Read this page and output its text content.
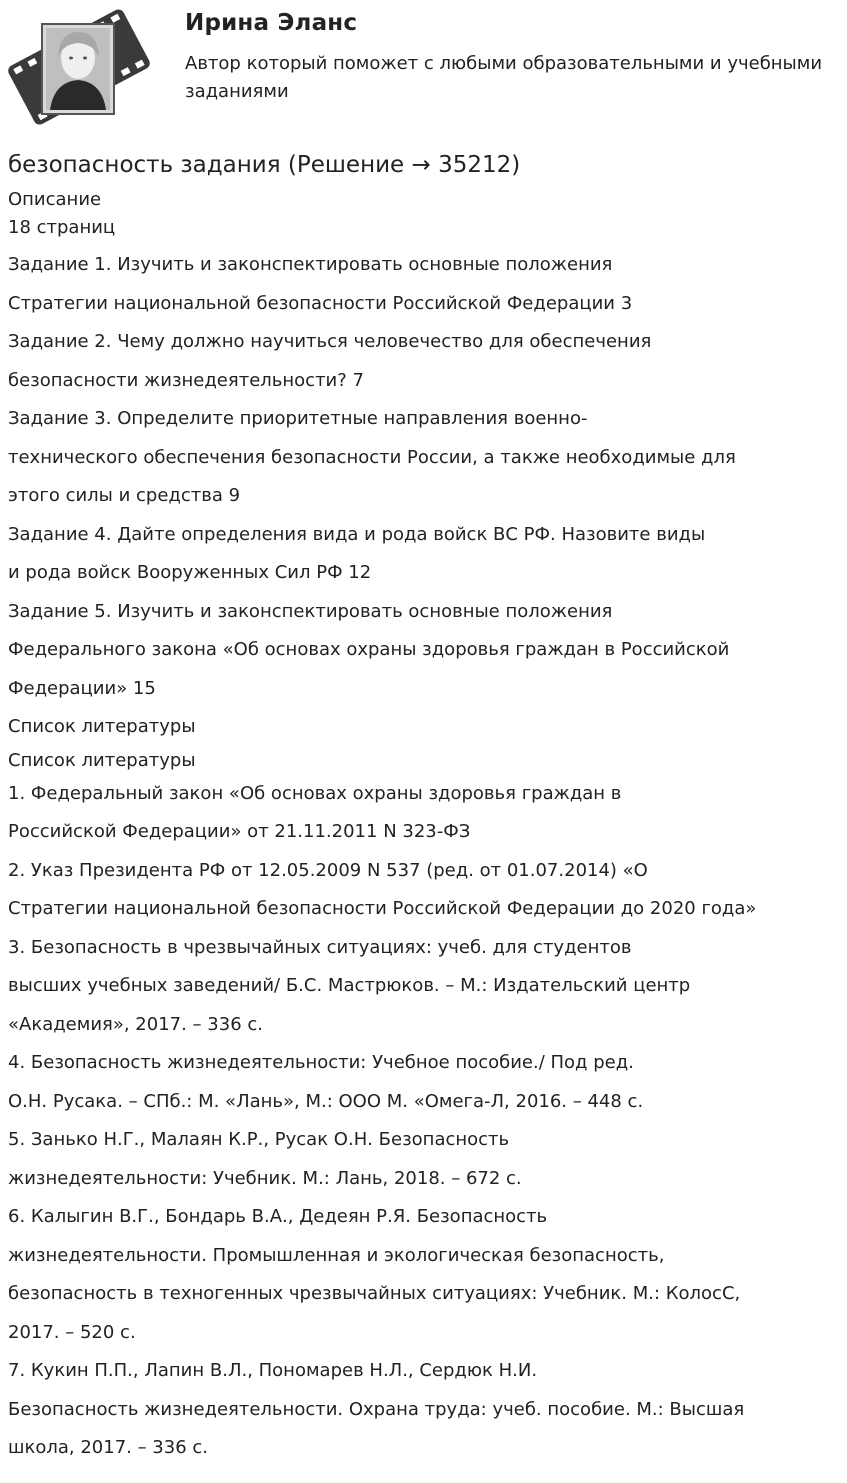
Ирина Эланс
Автор который поможет с любыми образовательными и учебными заданиями
безопасность задания (Решение → 35212)
Описание
18 страниц
Задание 1. Изучить и законспектировать основные положения
Стратегии национальной безопасности Российской Федерации 3
Задание 2. Чему должно научиться человечество для обеспечения
безопасности жизнедеятельности? 7
Задание 3. Определите приоритетные направления военно-
технического обеспечения безопасности России, а также необходимые для
этого силы и средства 9
Задание 4. Дайте определения вида и рода войск ВС РФ. Назовите виды
и рода войск Вооруженных Сил РФ 12
Задание 5. Изучить и законспектировать основные положения
Федерального закона «Об основах охраны здоровья граждан в Российской
Федерации» 15
Список литературы
Список литературы
1. Федеральный закон «Об основах охраны здоровья граждан в
Российской Федерации» от 21.11.2011 N 323-ФЗ
2. Указ Президента РФ от 12.05.2009 N 537 (ред. от 01.07.2014) «О
Стратегии национальной безопасности Российской Федерации до 2020 года»
3. Безопасность в чрезвычайных ситуациях: учеб. для студентов
высших учебных заведений/ Б.С. Мастрюков. – М.: Издательский центр
«Академия», 2017. – 336 с.
4. Безопасность жизнедеятельности: Учебное пособие./ Под ред.
О.Н. Русака. – СПб.: М. «Лань», М.: ООО М. «Омега-Л, 2016. – 448 с.
5. Занько Н.Г., Малаян К.Р., Русак О.Н. Безопасность
жизнедеятельности: Учебник. М.: Лань, 2018. – 672 с.
6. Калыгин В.Г., Бондарь В.А., Дедеян Р.Я. Безопасность
жизнедеятельности. Промышленная и экологическая безопасность,
безопасность в техногенных чрезвычайных ситуациях: Учебник. М.: КолосС,
2017. – 520 с.
7. Кукин П.П., Лапин В.Л., Пономарев Н.Л., Сердюк Н.И.
Безопасность жизнедеятельности. Охрана труда: учеб. пособие. М.: Высшая
школа, 2017. – 336 с.
